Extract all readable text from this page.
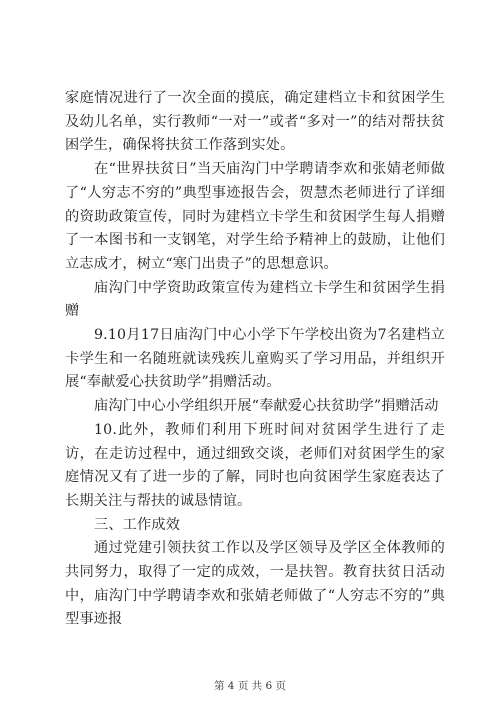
家庭情况进行了一次全面的摸底，确定建档立卡和贫困学生及幼儿名单，实行教师“一对一”或者“多对一”的结对帮扶贫困学生，确保将扶贫工作落到实处。

在“世界扶贫日”当天庙沟门中学聘请李欢和张婧老师做了“人穷志不穷的”典型事迹报告会，贺慧杰老师进行了详细的资助政策宣传，同时为建档立卡学生和贫困学生每人捐赠了一本图书和一支钢笔，对学生给予精神上的鼓励，让他们立志成才，树立“寒门出贵子”的思想意识。

庙沟门中学资助政策宣传为建档立卡学生和贫困学生捐赠

9.10月17日庙沟门中心小学下午学校出资为7名建档立卡学生和一名随班就读残疾儿童购买了学习用品，并组织开展“奉献爱心扶贫助学”捐赠活动。

庙沟门中心小学组织开展“奉献爱心扶贫助学”捐赠活动

10.此外，教师们利用下班时间对贫困学生进行了走访，在走访过程中，通过细致交谈，老师们对贫困学生的家庭情况又有了进一步的了解，同时也向贫困学生家庭表达了长期关注与帮扶的诚恳情谊。

三、工作成效

通过党建引领扶贫工作以及学区领导及学区全体教师的共同努力，取得了一定的成效，一是扶智。教育扶贫日活动中，庙沟门中学聘请李欢和张婧老师做了“人穷志不穷的”典型事迹报

第 4 页 共 6 页
